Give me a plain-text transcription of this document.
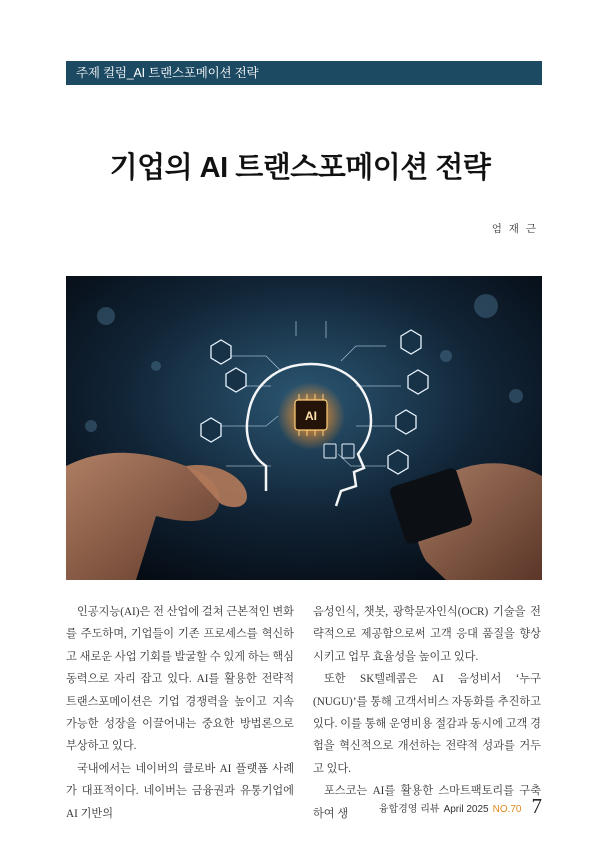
주제 컬럼_AI 트랜스포메이션 전략
기업의 AI 트랜스포메이션 전략
엄 재 근
AI

인공지능(AI)은 전 산업에 걸쳐 근본적인 변화를 주도하며, 기업들이 기존 프로세스를 혁신하고 새로운 사업 기회를 발굴할 수 있게 하는 핵심 동력으로 자리 잡고 있다. AI를 활용한 전략적 트랜스포메이션은 기업 경쟁력을 높이고 지속 가능한 성장을 이끌어내는 중요한 방법론으로 부상하고 있다.

국내에서는 네이버의 클로바 AI 플랫폼 사례가 대표적이다. 네이버는 금융권과 유통기업에 AI 기반의

음성인식, 챗봇, 광학문자인식(OCR) 기술을 전략적으로 제공함으로써 고객 응대 품질을 향상시키고 업무 효율성을 높이고 있다.

또한 SK텔레콤은 AI 음성비서 ‘누구(NUGU)’를 통해 고객서비스 자동화를 추진하고 있다. 이를 통해 운영비용 절감과 동시에 고객 경험을 혁신적으로 개선하는 전략적 성과를 거두고 있다.

포스코는 AI를 활용한 스마트팩토리를 구축하여 생	융합경영 리뷰 April 2025 NO.70 7
